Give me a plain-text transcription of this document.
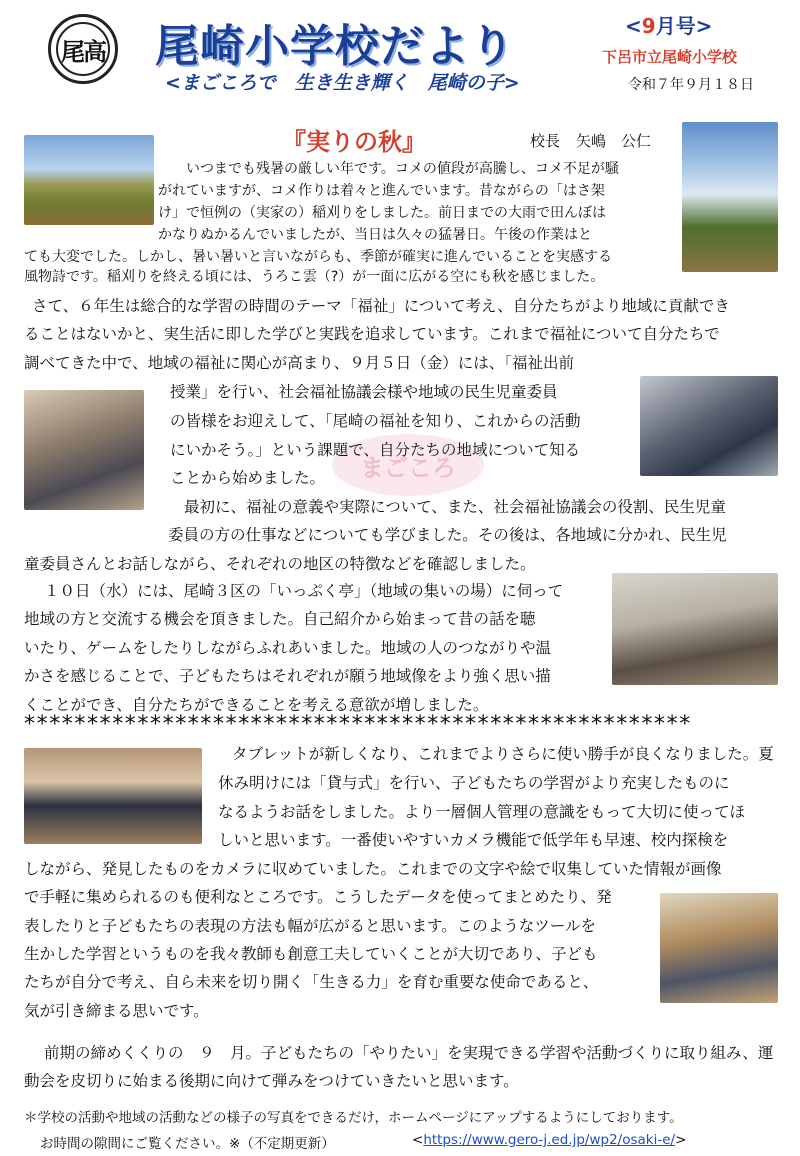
尾高 尾崎小学校だより
<まごころで　生き生き輝く　尾崎の子>
<9月号>
下呂市立尾崎小学校
令和７年９月１８日
まごころ
『実りの秋』	校長 矢嶋　公仁
いつまでも残暑の厳しい年です。コメの値段が高騰し、コメ不足が騒
がれていますが、コメ作りは着々と進んでいます。昔ながらの「はさ架
け」で恒例の（実家の）稲刈りをしました。前日までの大雨で田んぼは
かなりぬかるんでいましたが、当日は久々の猛暑日。午後の作業はと
ても大変でした。しかし、暑い暑いと言いながらも、季節が確実に進んでいることを実感する
風物詩です。稲刈りを終える頃には、うろこ雲（?）が一面に広がる空にも秋を感じました。
さて、６年生は総合的な学習の時間のテーマ「福祉」について考え、自分たちがより地域に貢献でき
ることはないかと、実生活に即した学びと実践を追求しています。これまで福祉について自分たちで
調べてきた中で、地域の福祉に関心が高まり、９月５日（金）には、「福祉出前
授業」を行い、社会福祉協議会様や地域の民生児童委員
の皆様をお迎えして、「尾崎の福祉を知り、これからの活動
にいかそう。」という課題で、自分たちの地域について知る
ことから始めました。
最初に、福祉の意義や実際について、また、社会福祉協議会の役割、民生児童
委員の方の仕事などについても学びました。その後は、各地域に分かれ、民生児
童委員さんとお話しながら、それぞれの地区の特徴などを確認しました。
１０日（水）には、尾崎３区の「いっぷく亭」（地域の集いの場）に伺って
地域の方と交流する機会を頂きました。自己紹介から始まって昔の話を聴
いたり、ゲームをしたりしながらふれあいました。地域の人のつながりや温
かさを感じることで、子どもたちはそれぞれが願う地域像をより強く思い描
くことができ、自分たちができることを考える意欲が増しました。
*****************************************************
タブレットが新しくなり、これまでよりさらに使い勝手が良くなりました。夏
休み明けには「貸与式」を行い、子どもたちの学習がより充実したものに
なるようお話をしました。より一層個人管理の意識をもって大切に使ってほ
しいと思います。一番使いやすいカメラ機能で低学年も早速、校内探検を
しながら、発見したものをカメラに収めていました。これまでの文字や絵で収集していた情報が画像
で手軽に集められるのも便利なところです。こうしたデータを使ってまとめたり、発
表したりと子どもたちの表現の方法も幅が広がると思います。このようなツールを
生かした学習というものを我々教師も創意工夫していくことが大切であり、子ども
たちが自分で考え、自ら未来を切り開く「生きる力」を育む重要な使命であると、
気が引き締まる思いです。
前期の締めくくりの　９　月。子どもたちの「やりたい」を実現できる学習や活動づくりに取り組み、運
動会を皮切りに始まる後期に向けて弾みをつけていきたいと思います。
＊学校の活動や地域の活動などの様子の写真をできるだけ，ホームページにアップするようにしております。
お時間の隙間にご覧ください。※（不定期更新）	<https://www.gero-j.ed.jp/wp2/osaki-e/>
